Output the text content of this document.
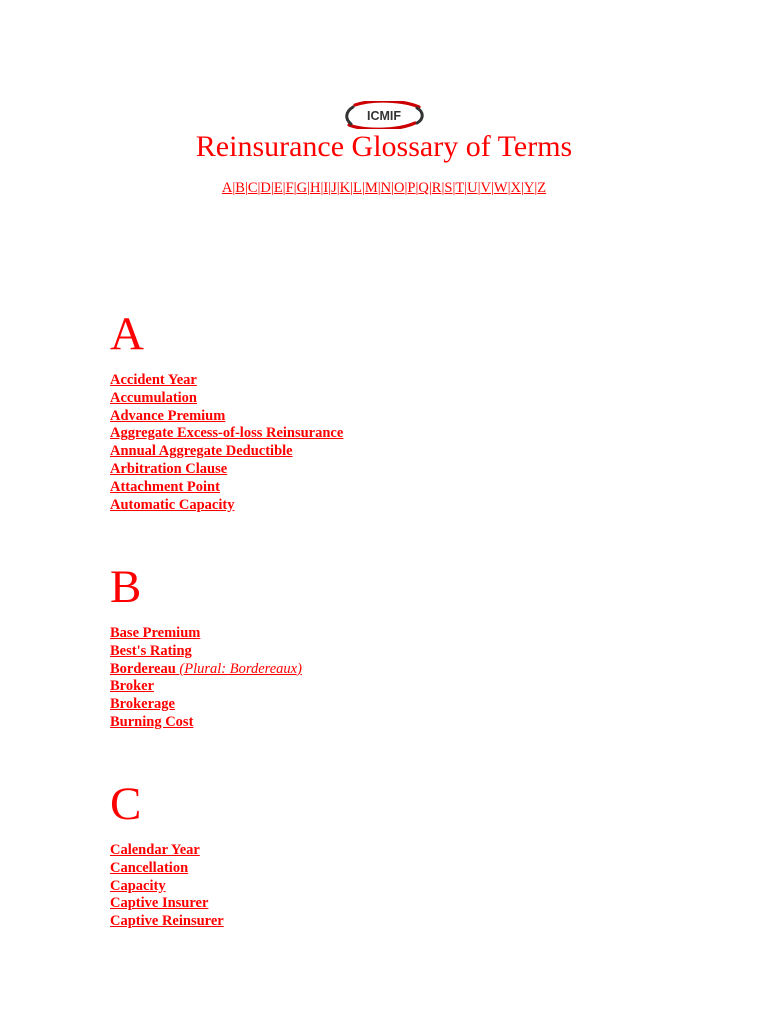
ICMIF
Reinsurance Glossary of Terms
A|B|C|D|E|F|G|H|I|J|K|L|M|N|O|P|Q|R|S|T|U|V|W|X|Y|Z
A
Accident Year
Accumulation
Advance Premium
Aggregate Excess-of-loss Reinsurance
Annual Aggregate Deductible
Arbitration Clause
Attachment Point
Automatic Capacity
B
Base Premium
Best's Rating
Bordereau (Plural: Bordereaux)
Broker
Brokerage
Burning Cost
C
Calendar Year
Cancellation
Capacity
Captive Insurer
Captive Reinsurer
